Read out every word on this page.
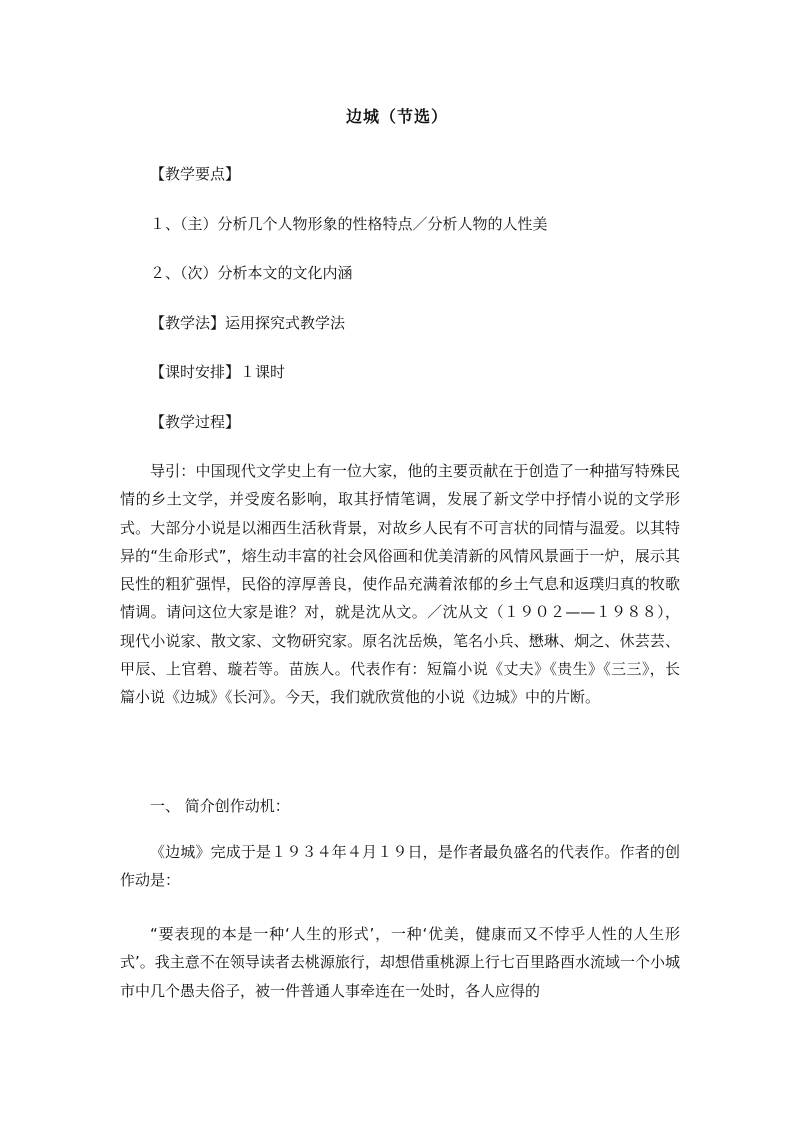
边城（节选）
【教学要点】
１、（主）分析几个人物形象的性格特点／分析人物的人性美
２、（次）分析本文的文化内涵
【教学法】运用探究式教学法
【课时安排】１课时
【教学过程】

导引：中国现代文学史上有一位大家，他的主要贡献在于创造了一种描写特殊民情的乡土文学，并受废名影响，取其抒情笔调，发展了新文学中抒情小说的文学形式。大部分小说是以湘西生活秋背景，对故乡人民有不可言状的同情与温爱。以其特异的“生命形式”，熔生动丰富的社会风俗画和优美清新的风情风景画于一炉，展示其民性的粗犷强悍，民俗的淳厚善良，使作品充满着浓郁的乡土气息和返璞归真的牧歌情调。请问这位大家是谁？对，就是沈从文。／沈从文（１９０２——１９８８），现代小说家、散文家、文物研究家。原名沈岳焕，笔名小兵、懋琳、炯之、休芸芸、甲辰、上官碧、璇若等。苗族人。代表作有：短篇小说《丈夫》《贵生》《三三》，长篇小说《边城》《长河》。今天，我们就欣赏他的小说《边城》中的片断。

一、 简介创作动机：

《边城》完成于是１９３４年４月１９日，是作者最负盛名的代表作。作者的创作动是：

“要表现的本是一种‘人生的形式’，一种‘优美，健康而又不悖乎人性的人生形式’。我主意不在领导读者去桃源旅行，却想借重桃源上行七百里路酉水流域一个小城市中几个愚夫俗子，被一件普通人事牵连在一处时，各人应得的
